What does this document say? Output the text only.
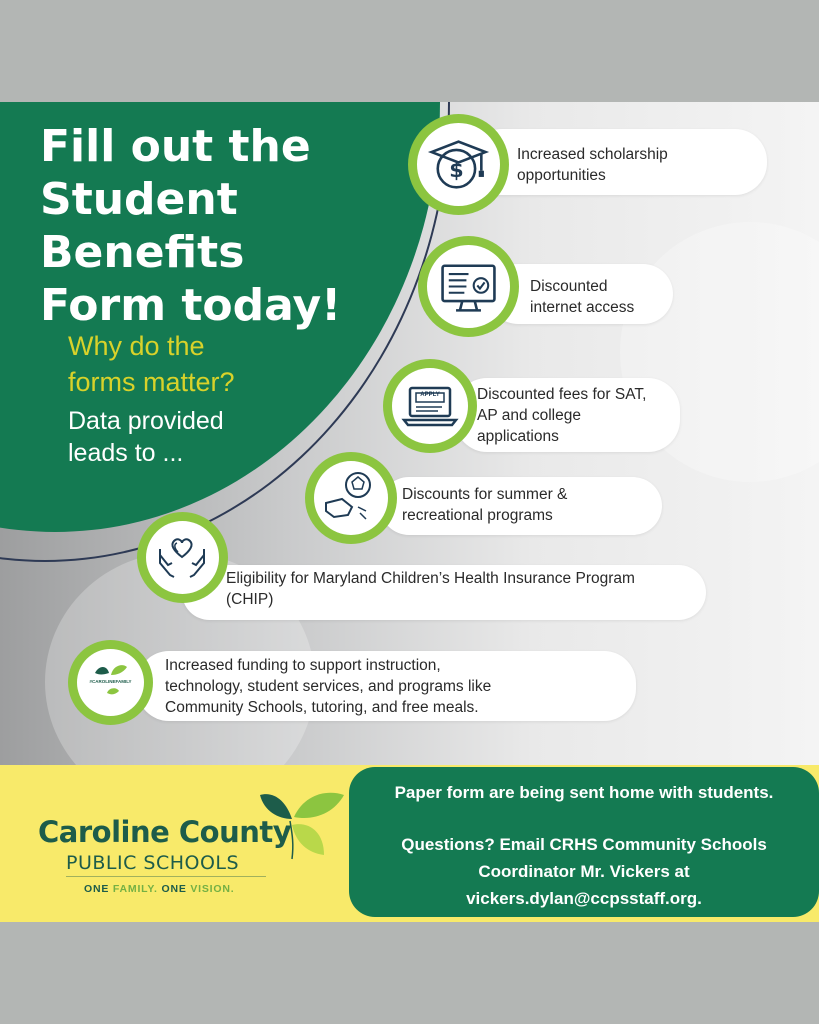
Fill out the
Student
Benefits
Form today!

Why do the
forms matter?

Data provided
leads to ...

Increased scholarship
opportunities
$
Discounted
internet access
Discounted fees for SAT,
AP and college
applications
APPLY
Discounts for summer &
recreational programs
Eligibility for Maryland Children’s Health Insurance Program
(CHIP)
Increased funding to support instruction,
technology, student services, and programs like
Community Schools, tutoring, and free meals.
#CAROLINEFAMILY
Caroline County
PUBLIC SCHOOLS
ONE FAMILY. ONE VISION.

Paper form are being sent home with students.

Questions? Email CRHS Community Schools

Coordinator Mr. Vickers at

vickers.dylan@ccpsstaff.org.
